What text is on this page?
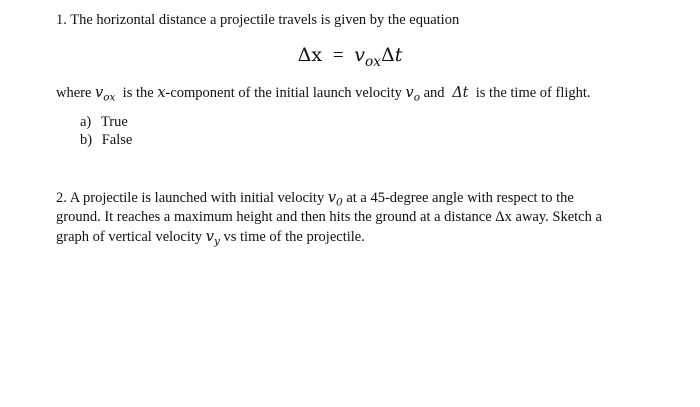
1. The horizontal distance a projectile travels is given by the equation
$\Delta x = v_{ox}\Delta t$
where $v_{ox}$ is the x-component of the initial launch velocity $v_o$ and Δt is the time of flight.
a) True
b) False
2. A projectile is launched with initial velocity $v_0$ at a 45-degree angle with respect to the
ground. It reaches a maximum height and then hits the ground at a distance Δx away. Sketch a
graph of vertical velocity $v_y$ vs time of the projectile.
